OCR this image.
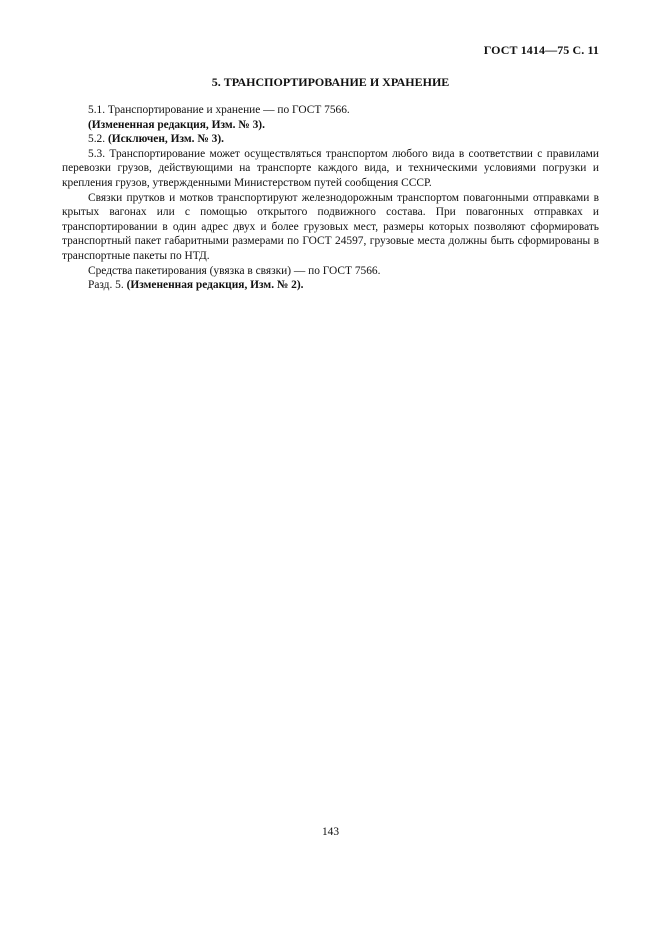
ГОСТ 1414—75 С. 11
5. ТРАНСПОРТИРОВАНИЕ И ХРАНЕНИЕ

5.1. Транспортирование и хранение — по ГОСТ 7566.

(Измененная редакция, Изм. № 3).

5.2. (Исключен, Изм. № 3).

5.3. Транспортирование может осуществляться транспортом любого вида в соответствии с правилами перевозки грузов, действующими на транспорте каждого вида, и техническими условиями погрузки и крепления грузов, утвержденными Министерством путей сообщения СССР.

Связки прутков и мотков транспортируют железнодорожным транспортом повагонными отправками в крытых вагонах или с помощью открытого подвижного состава. При повагонных отправках и транспортировании в один адрес двух и более грузовых мест, размеры которых позволяют сформировать транспортный пакет габаритными размерами по ГОСТ 24597, грузовые места должны быть сформированы в транспортные пакеты по НТД.

Средства пакетирования (увязка в связки) — по ГОСТ 7566.

Разд. 5. (Измененная редакция, Изм. № 2).

143
